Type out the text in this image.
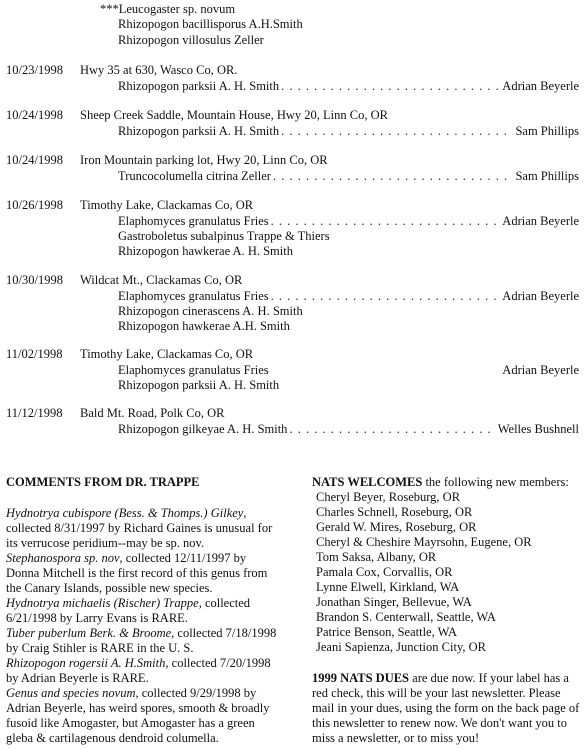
***Leucogaster sp. novum
Rhizopogon bacillisporus A.H.Smith
Rhizopogon villosulus Zeller
10/23/1998 Hwy 35 at 630, Wasco Co, OR.
Rhizopogon parksii A. H. Smith . . .	Adrian Beyerle
10/24/1998 Sheep Creek Saddle, Mountain House, Hwy 20, Linn Co, OR
Rhizopogon parksii A. H. Smith . . .	Sam Phillips
10/24/1998 Iron Mountain parking lot, Hwy 20, Linn Co, OR
Truncocolumella citrina Zeller . . .	Sam Phillips
10/26/1998 Timothy Lake, Clackamas Co, OR
Elaphomyces granulatus Fries . . .	Adrian Beyerle
Gastroboletus subalpinus Trappe & Thiers
Rhizopogon hawkerae A. H. Smith
10/30/1998 Wildcat Mt., Clackamas Co, OR
Elaphomyces granulatus Fries . . .	Adrian Beyerle
Rhizopogon cinerascens A. H. Smith
Rhizopogon hawkerae A.H. Smith
11/02/1998 Timothy Lake, Clackamas Co, OR
Elaphomyces granulatus Fries	Adrian Beyerle
Rhizopogon parksii A. H. Smith
11/12/1998 Bald Mt. Road, Polk Co, OR
Rhizopogon gilkeyae A. H. Smith . . .	Welles Bushnell
COMMENTS FROM DR. TRAPPE

Hydnotrya cubispore (Bess. & Thomps.) Gilkey, collected 8/31/1997 by Richard Gaines is unusual for its verrucose peridium--may be sp. nov.

Stephanospora sp. nov, collected 12/11/1997 by Donna Mitchell is the first record of this genus from the Canary Islands, possible new species.

Hydnotrya michaelis (Rischer) Trappe, collected 6/21/1998 by Larry Evans is RARE.

Tuber puberlum Berk. & Broome, collected 7/18/1998 by Craig Stihler is RARE in the U. S.

Rhizopogon rogersii A. H.Smith, collected 7/20/1998 by Adrian Beyerle is RARE.

Genus and species novum, collected 9/29/1998 by Adrian Beyerle, has weird spores, smooth & broadly fusoid like Amogaster, but Amogaster has a green gleba & cartilagenous dendroid columella.

NATS WELCOMES the following new members:
Cheryl Beyer, Roseburg, OR
Charles Schnell, Roseburg, OR
Gerald W. Mires, Roseburg, OR
Cheryl & Cheshire Mayrsohn, Eugene, OR
Tom Saksa, Albany, OR
Pamala Cox, Corvallis, OR
Lynne Elwell, Kirkland, WA
Jonathan Singer, Bellevue, WA
Brandon S. Centerwall, Seattle, WA
Patrice Benson, Seattle, WA
Jeani Sapienza, Junction City, OR

1999 NATS DUES are due now. If your label has a red check, this will be your last newsletter. Please mail in your dues, using the form on the back page of this newsletter to renew now. We don't want you to miss a newsletter, or to miss you!
